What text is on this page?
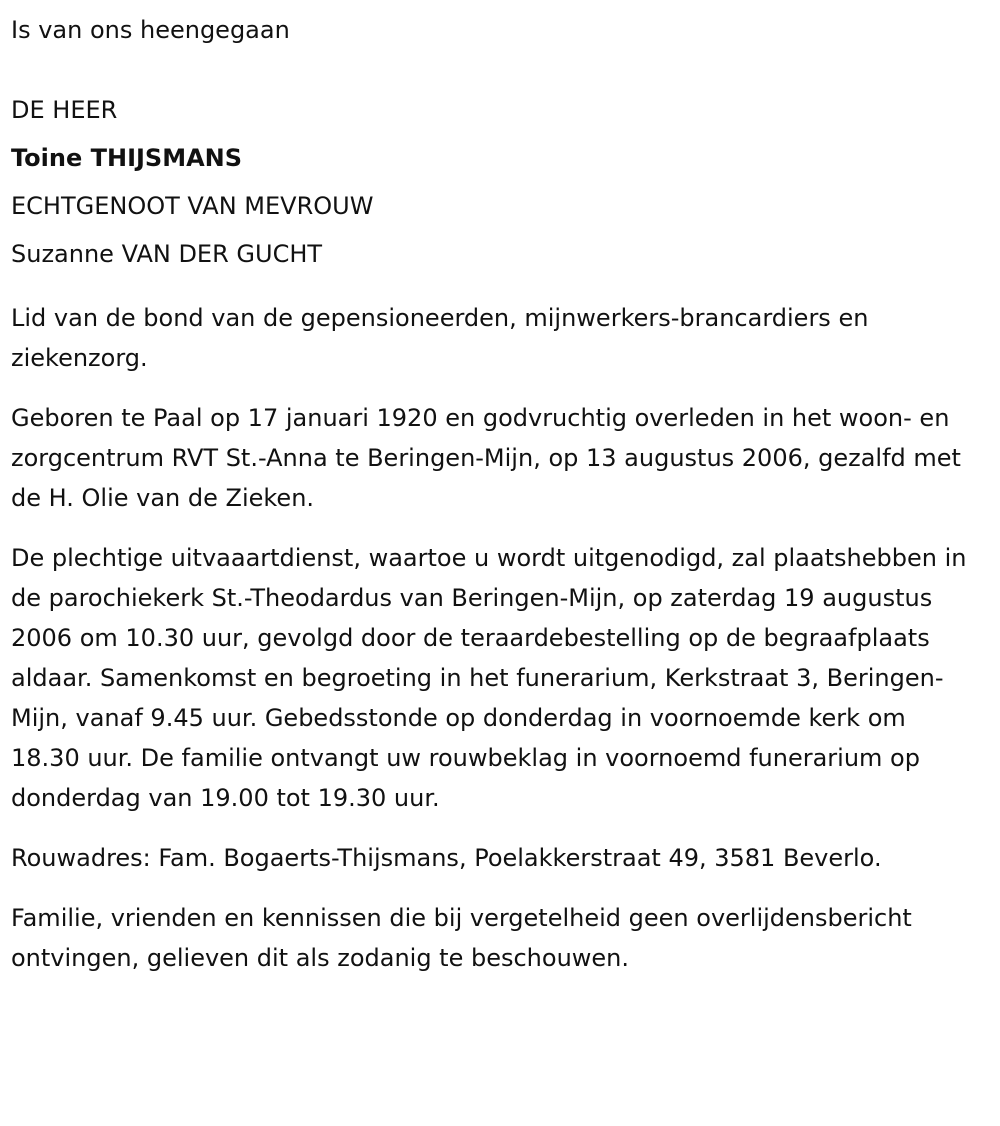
Is van ons heengegaan

DE HEER

Toine THIJSMANS

ECHTGENOOT VAN MEVROUW

Suzanne VAN DER GUCHT

Lid van de bond van de gepensioneerden, mijnwerkers-brancardiers en ziekenzorg.

Geboren te Paal op 17 januari 1920 en godvruchtig overleden in het woon- en zorgcentrum RVT St.-Anna te Beringen-Mijn, op 13 augustus 2006, gezalfd met de H. Olie van de Zieken.

De plechtige uitvaaartdienst, waartoe u wordt uitgenodigd, zal plaatshebben in de parochiekerk St.-Theodardus van Beringen-Mijn, op zaterdag 19 augustus 2006 om 10.30 uur, gevolgd door de teraardebestelling op de begraafplaats aldaar. Samenkomst en begroeting in het funerarium, Kerkstraat 3, Beringen-Mijn, vanaf 9.45 uur. Gebedsstonde op donderdag in voornoemde kerk om 18.30 uur. De familie ontvangt uw rouwbeklag in voornoemd funerarium op donderdag van 19.00 tot 19.30 uur.

Rouwadres: Fam. Bogaerts-Thijsmans, Poelakkerstraat 49, 3581 Beverlo.

Familie, vrienden en kennissen die bij vergetelheid geen overlijdensbericht ontvingen, gelieven dit als zodanig te beschouwen.
